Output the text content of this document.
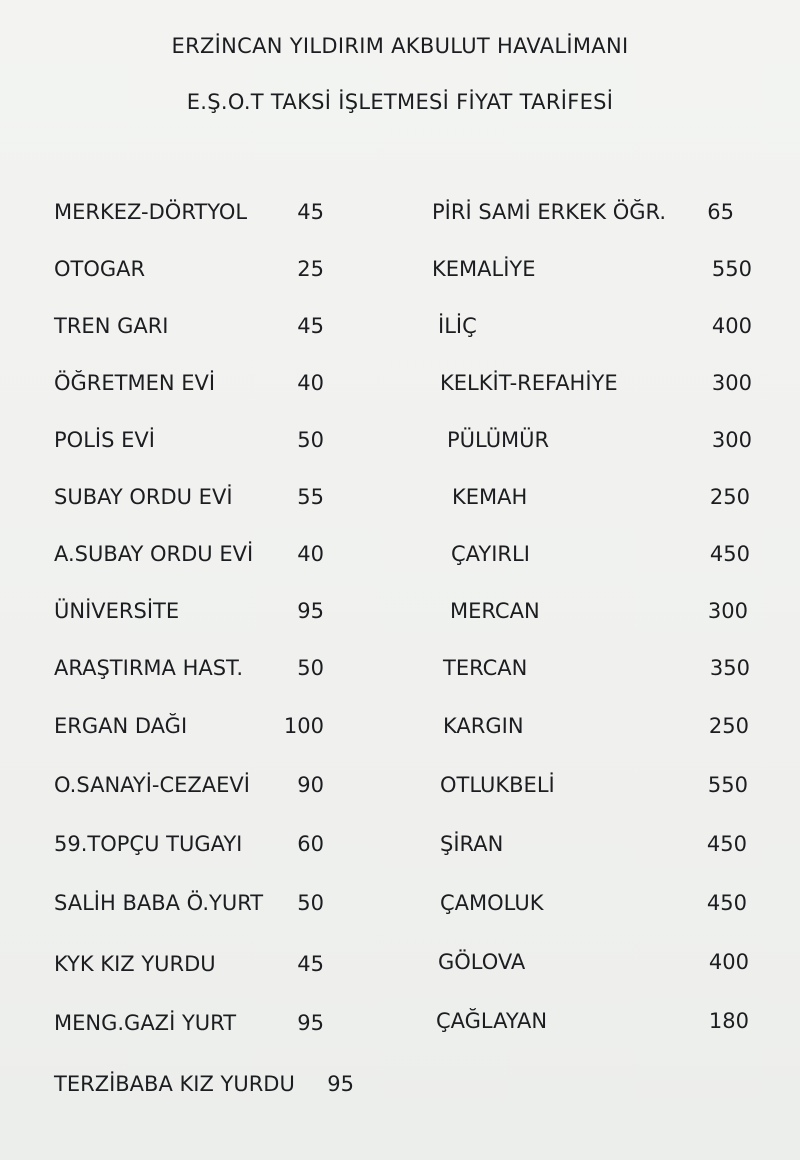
ERZİNCAN YILDIRIM AKBULUT HAVALİMANI
E.Ş.O.T TAKSİ İŞLETMESİ FİYAT TARİFESİ
MERKEZ-DÖRTYOL 45
OTOGAR	25
TREN GARI	45
ÖĞRETMEN EVİ	40
POLİS EVİ	50
SUBAY ORDU EVİ	55
A.SUBAY ORDU EVİ 40
ÜNİVERSİTE	95
ARAŞTIRMA HAST.	50
ERGAN DAĞI	100
O.SANAYİ-CEZAEVİ 90
59.TOPÇU TUGAYI	60
SALİH BABA Ö.YURT 50
KYK KIZ YURDU	45
MENG.GAZİ YURT	95
TERZİBABA KIZ YURDU 95
PİRİ SAMİ ERKEK ÖĞR. 65
KEMALİYE	550
İLİÇ	400
KELKİT-REFAHİYE	300
PÜLÜMÜR	300
KEMAH	250
ÇAYIRLI	450
MERCAN	300
TERCAN	350
KARGIN	250
OTLUKBELİ	550
ŞİRAN	450
ÇAMOLUK	450
GÖLOVA	400
ÇAĞLAYAN	180
